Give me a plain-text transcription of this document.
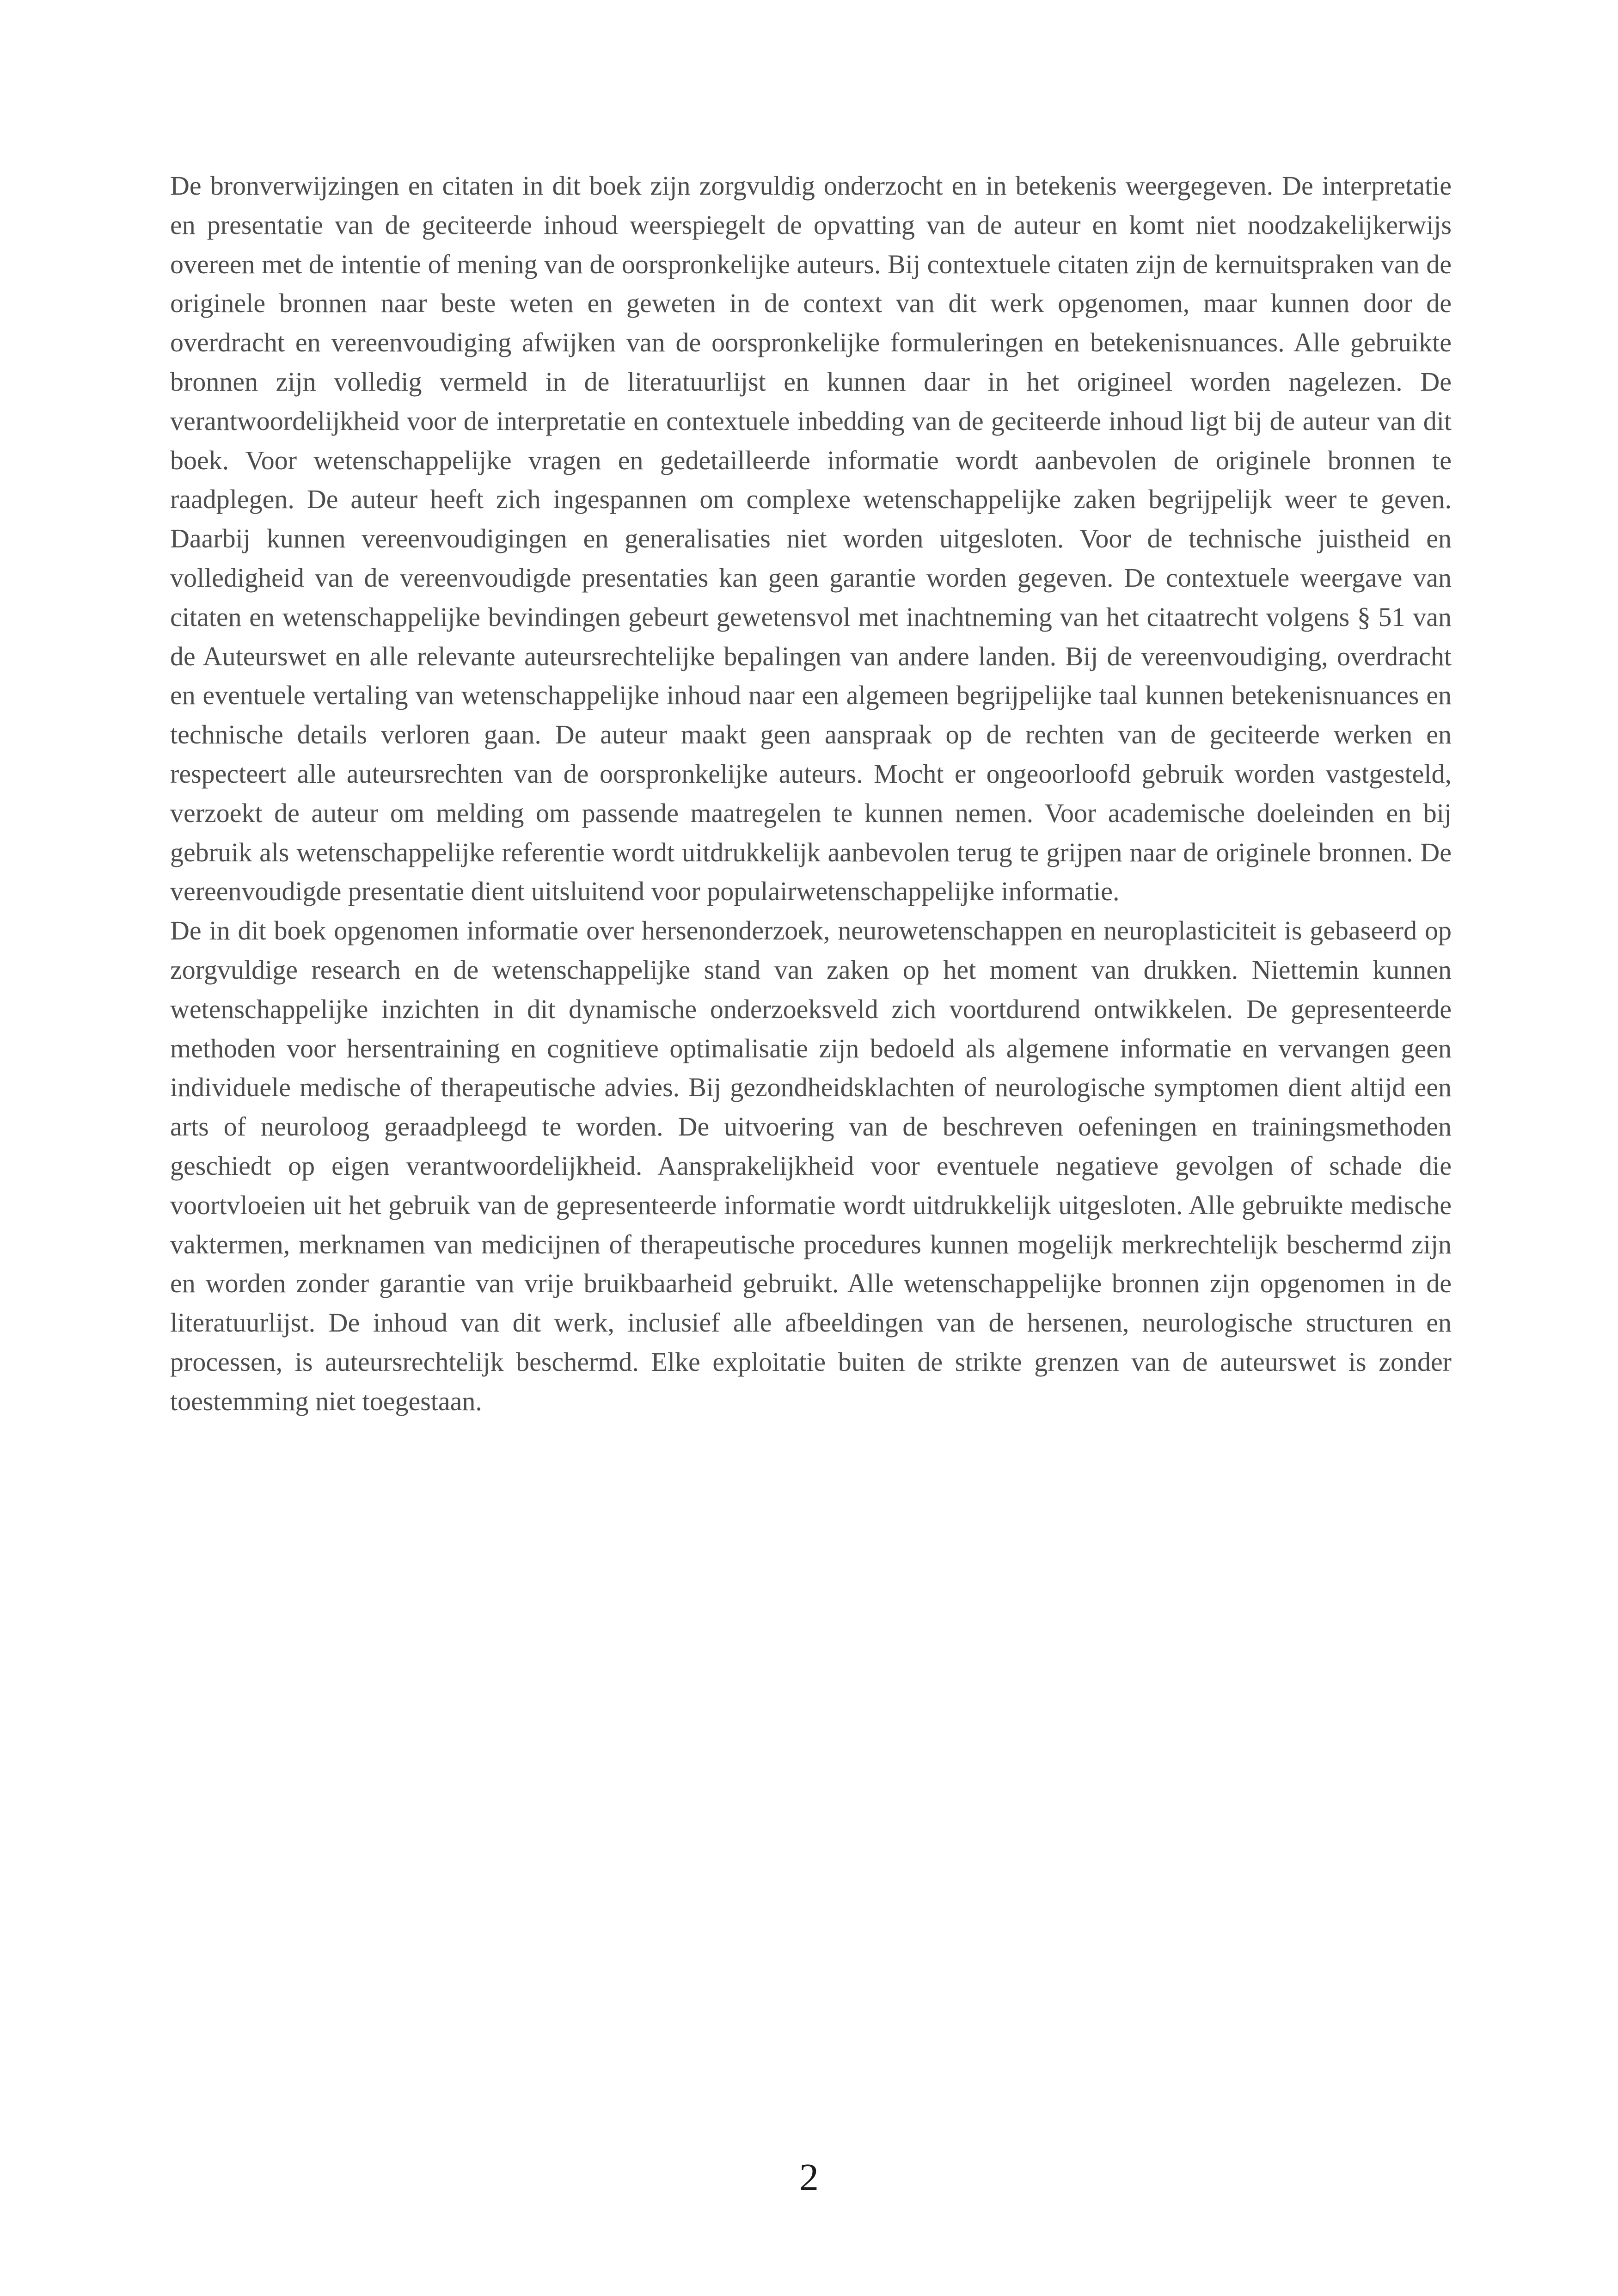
De bronverwijzingen en citaten in dit boek zijn zorgvuldig onderzocht en in betekenis weergegeven. De interpretatie en presentatie van de geciteerde inhoud weerspiegelt de opvatting van de auteur en komt niet noodzakelijkerwijs overeen met de intentie of mening van de oorspronkelijke auteurs. Bij contextuele citaten zijn de kernuitspraken van de originele bronnen naar beste weten en geweten in de context van dit werk opgenomen, maar kunnen door de overdracht en vereenvoudiging afwijken van de oorspronkelijke formuleringen en betekenisnuances. Alle gebruikte bronnen zijn volledig vermeld in de literatuurlijst en kunnen daar in het origineel worden nagelezen. De verantwoordelijkheid voor de interpretatie en contextuele inbedding van de geciteerde inhoud ligt bij de auteur van dit boek. Voor wetenschappelijke vragen en gedetailleerde informatie wordt aanbevolen de originele bronnen te raadplegen. De auteur heeft zich ingespannen om complexe wetenschappelijke zaken begrijpelijk weer te geven. Daarbij kunnen vereenvoudigingen en generalisaties niet worden uitgesloten. Voor de technische juistheid en volledigheid van de vereenvoudigde presentaties kan geen garantie worden gegeven. De contextuele weergave van citaten en wetenschappelijke bevindingen gebeurt gewetensvol met inachtneming van het citaatrecht volgens § 51 van de Auteurswet en alle relevante auteursrechtelijke bepalingen van andere landen. Bij de vereenvoudiging, overdracht en eventuele vertaling van wetenschappelijke inhoud naar een algemeen begrijpelijke taal kunnen betekenisnuances en technische details verloren gaan. De auteur maakt geen aanspraak op de rechten van de geciteerde werken en respecteert alle auteursrechten van de oorspronkelijke auteurs. Mocht er ongeoorloofd gebruik worden vastgesteld, verzoekt de auteur om melding om passende maatregelen te kunnen nemen. Voor academische doeleinden en bij gebruik als wetenschappelijke referentie wordt uitdrukkelijk aanbevolen terug te grijpen naar de originele bronnen. De vereenvoudigde presentatie dient uitsluitend voor populairwetenschappelijke informatie.

De in dit boek opgenomen informatie over hersenonderzoek, neurowetenschappen en neuroplasticiteit is gebaseerd op zorgvuldige research en de wetenschappelijke stand van zaken op het moment van drukken. Niettemin kunnen wetenschappelijke inzichten in dit dynamische onderzoeksveld zich voortdurend ontwikkelen. De gepresenteerde methoden voor hersentraining en cognitieve optimalisatie zijn bedoeld als algemene informatie en vervangen geen individuele medische of therapeutische advies. Bij gezondheidsklachten of neurologische symptomen dient altijd een arts of neuroloog geraadpleegd te worden. De uitvoering van de beschreven oefeningen en trainingsmethoden geschiedt op eigen verantwoordelijkheid. Aansprakelijkheid voor eventuele negatieve gevolgen of schade die voortvloeien uit het gebruik van de gepresenteerde informatie wordt uitdrukkelijk uitgesloten. Alle gebruikte medische vaktermen, merknamen van medicijnen of therapeutische procedures kunnen mogelijk merkrechtelijk beschermd zijn en worden zonder garantie van vrije bruikbaarheid gebruikt. Alle wetenschappelijke bronnen zijn opgenomen in de literatuurlijst. De inhoud van dit werk, inclusief alle afbeeldingen van de hersenen, neurologische structuren en processen, is auteursrechtelijk beschermd. Elke exploitatie buiten de strikte grenzen van de auteurswet is zonder toestemming niet toegestaan.

2
